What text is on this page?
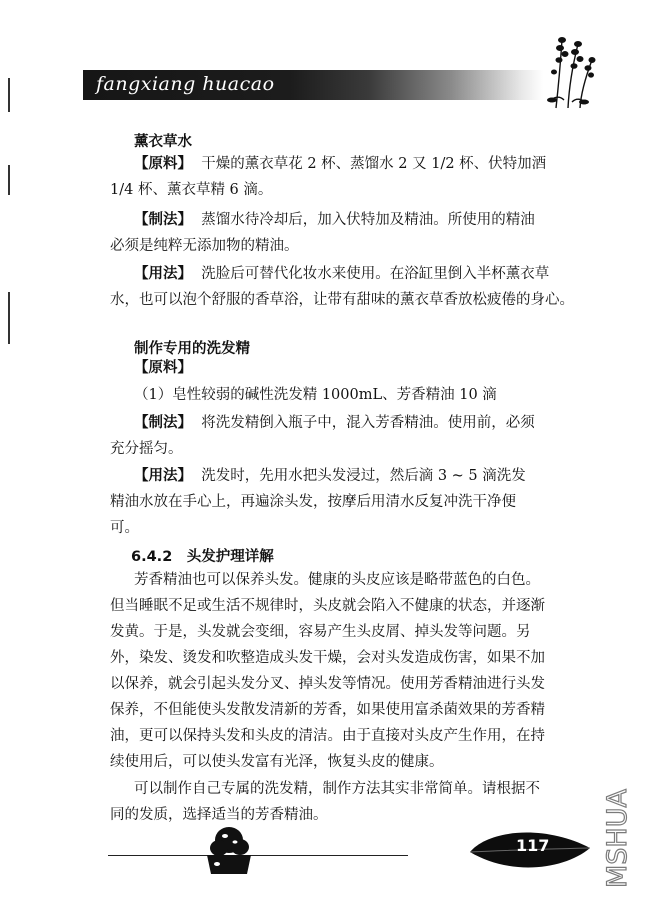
fangxiang huacao
薰衣草水
【原料】 干燥的薰衣草花 2 杯、蒸馏水 2 又 1/2 杯、伏特加酒
1/4 杯、薰衣草精 6 滴。
【制法】 蒸馏水待冷却后，加入伏特加及精油。所使用的精油
必须是纯粹无添加物的精油。
【用法】 洗脸后可替代化妆水来使用。在浴缸里倒入半杯薰衣草
水，也可以泡个舒服的香草浴，让带有甜味的薰衣草香放松疲倦的身心。
制作专用的洗发精
【原料】
（1）皂性较弱的碱性洗发精 1000mL、芳香精油 10 滴
【制法】 将洗发精倒入瓶子中，混入芳香精油。使用前，必须
充分摇匀。
【用法】 洗发时，先用水把头发浸过，然后滴 3 ~ 5 滴洗发
精油水放在手心上，再遍涂头发，按摩后用清水反复冲洗干净便
可。
6.4.2　头发护理详解
芳香精油也可以保养头发。健康的头皮应该是略带蓝色的白色。
但当睡眠不足或生活不规律时，头皮就会陷入不健康的状态，并逐渐
发黄。于是，头发就会变细，容易产生头皮屑、掉头发等问题。另
外，染发、烫发和吹整造成头发干燥，会对头发造成伤害，如果不加
以保养，就会引起头发分叉、掉头发等情况。使用芳香精油进行头发
保养，不但能使头发散发清新的芳香，如果使用富杀菌效果的芳香精
油，更可以保持头发和头皮的清洁。由于直接对头皮产生作用，在持
续使用后，可以使头发富有光泽，恢复头皮的健康。
可以制作自己专属的洗发精，制作方法其实非常简单。请根据不
同的发质，选择适当的芳香精油。
117 MSHUA
